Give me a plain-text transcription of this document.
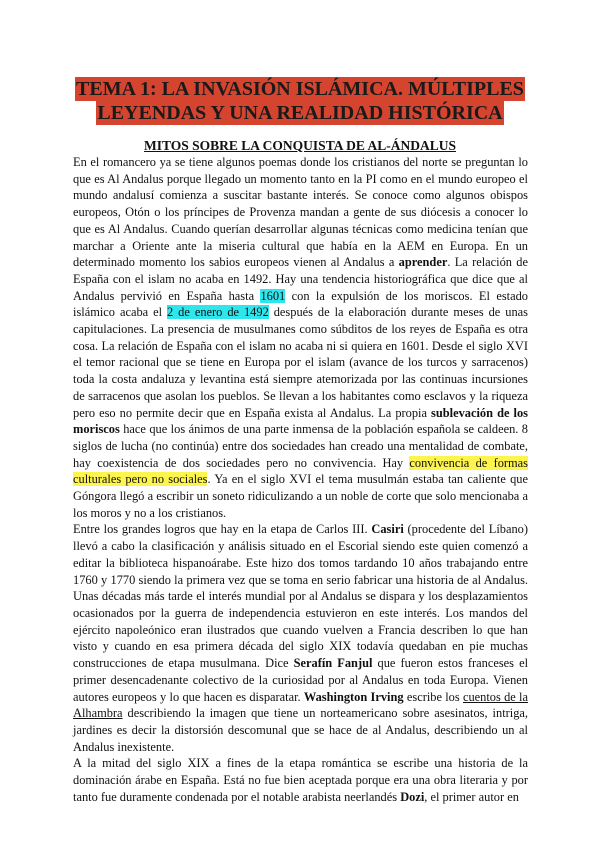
TEMA 1: LA INVASIÓN ISLÁMICA. MÚLTIPLES
LEYENDAS Y UNA REALIDAD HISTÓRICA
MITOS SOBRE LA CONQUISTA DE AL-ÁNDALUS

En el romancero ya se tiene algunos poemas donde los cristianos del norte se preguntan lo que es Al Andalus porque llegado un momento tanto en la PI como en el mundo europeo el mundo andalusí comienza a suscitar bastante interés. Se conoce como algunos obispos europeos, Otón o los príncipes de Provenza mandan a gente de sus diócesis a conocer lo que es Al Andalus. Cuando querían desarrollar algunas técnicas como medicina tenían que marchar a Oriente ante la miseria cultural que había en la AEM en Europa. En un determinado momento los sabios europeos vienen al Andalus a aprender. La relación de España con el islam no acaba en 1492. Hay una tendencia historiográfica que dice que al Andalus pervivió en España hasta 1601 con la expulsión de los moriscos. El estado islámico acaba el 2 de enero de 1492 después de la elaboración durante meses de unas capitulaciones. La presencia de musulmanes como súbditos de los reyes de España es otra cosa. La relación de España con el islam no acaba ni si quiera en 1601. Desde el siglo XVI el temor racional que se tiene en Europa por el islam (avance de los turcos y sarracenos) toda la costa andaluza y levantina está siempre atemorizada por las continuas incursiones de sarracenos que asolan los pueblos. Se llevan a los habitantes como esclavos y la riqueza pero eso no permite decir que en España exista al Andalus. La propia sublevación de los moriscos hace que los ánimos de una parte inmensa de la población española se caldeen. 8 siglos de lucha (no continúa) entre dos sociedades han creado una mentalidad de combate, hay coexistencia de dos sociedades pero no convivencia. Hay convivencia de formas culturales pero no sociales. Ya en el siglo XVI el tema musulmán estaba tan caliente que Góngora llegó a escribir un soneto ridiculizando a un noble de corte que solo mencionaba a los moros y no a los cristianos.

Entre los grandes logros que hay en la etapa de Carlos III. Casiri (procedente del Líbano) llevó a cabo la clasificación y análisis situado en el Escorial siendo este quien comenzó a editar la biblioteca hispanoárabe. Este hizo dos tomos tardando 10 años trabajando entre 1760 y 1770 siendo la primera vez que se toma en serio fabricar una historia de al Andalus. Unas décadas más tarde el interés mundial por al Andalus se dispara y los desplazamientos ocasionados por la guerra de independencia estuvieron en este interés. Los mandos del ejército napoleónico eran ilustrados que cuando vuelven a Francia describen lo que han visto y cuando en esa primera década del siglo XIX todavía quedaban en pie muchas construcciones de etapa musulmana. Dice Serafín Fanjul que fueron estos franceses el primer desencadenante colectivo de la curiosidad por al Andalus en toda Europa. Vienen autores europeos y lo que hacen es disparatar. Washington Irving escribe los cuentos de la Alhambra describiendo la imagen que tiene un norteamericano sobre asesinatos, intriga, jardines es decir la distorsión descomunal que se hace de al Andalus, describiendo un al Andalus inexistente.

A la mitad del siglo XIX a fines de la etapa romántica se escribe una historia de la dominación árabe en España. Está no fue bien aceptada porque era una obra literaria y por tanto fue duramente condenada por el notable arabista neerlandés Dozi, el primer autor en
